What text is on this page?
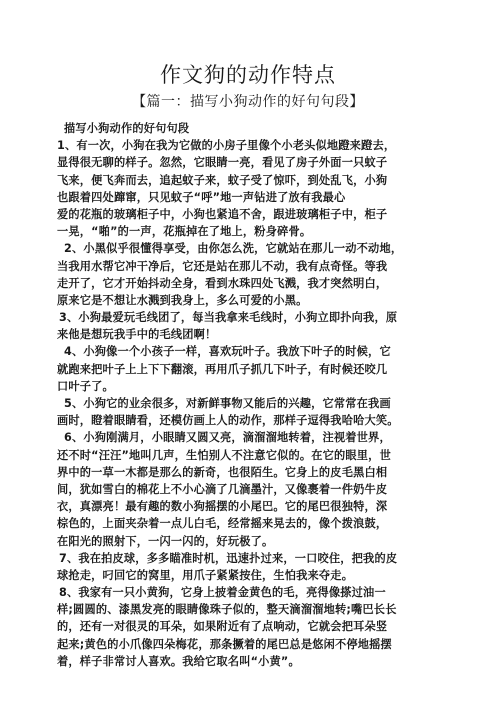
作文狗的动作特点
【篇一：描写小狗动作的好句句段】
描写小狗动作的好句句段
1、有一次，小狗在我为它做的小房子里像个小老头似地蹬来蹬去，
显得很无聊的样子。忽然，它眼睛一亮，看见了房子外面一只蚊子
飞来，便飞奔而去，追起蚊子来，蚊子受了惊吓，到处乱飞，小狗
也跟着四处蹿窜，只见蚊子“呼”地一声钻进了放有我最心
爱的花瓶的玻璃柜子中，小狗也紧追不舍，跟进玻璃柜子中，柜子
一晃，“啪”的一声，花瓶掉在了地上，粉身碎骨。
2、小黑似乎很懂得享受，由你怎么洗，它就站在那儿一动不动地，
当我用水帮它冲干净后，它还是站在那儿不动，我有点奇怪。等我
走开了，它才开始抖动全身，看到水珠四处飞溅，我才突然明白，
原来它是不想让水溅到我身上，多么可爱的小黑。
3、小狗最爱玩毛线团了，每当我拿来毛线时，小狗立即扑向我，原
来他是想玩我手中的毛线团啊！
4、小狗像一个小孩子一样，喜欢玩叶子。我放下叶子的时候，它
就跑来把叶子上上下下翻滚，再用爪子抓几下叶子，有时候还咬几
口叶子了。
5、小狗它的业余很多，对新鲜事物又能后的兴趣，它常常在我画
画时，瞪着眼睛看，还模仿画上人的动作，那样子逗得我哈哈大笑。
6、小狗刚满月，小眼睛又圆又亮，滴溜溜地转着，注视着世界，
还不时“汪汪”地叫几声，生怕别人不注意它似的。在它的眼里，世
界中的一草一木都是那么的新奇，也很陌生。它身上的皮毛黑白相
间，犹如雪白的棉花上不小心滴了几滴墨汁，又像裹着一件奶牛皮
衣，真漂亮！最有趣的数小狗摇摆的小尾巴。它的尾巴很独特，深
棕色的，上面夹杂着一点儿白毛，经常摇来晃去的，像个拨浪鼓，
在阳光的照射下，一闪一闪的，好玩极了。
7、我在拍皮球，多多瞄准时机，迅速扑过来，一口咬住，把我的皮
球抢走，叼回它的窝里，用爪子紧紧按住，生怕我来夺走。
8、我家有一只小黄狗，它身上披着金黄色的毛，亮得像搽过油一
样;圆圆的、漆黑发亮的眼睛像珠子似的，整天滴溜溜地转;嘴巴长长
的，还有一对很灵的耳朵，如果附近有了点响动，它就会把耳朵竖
起来;黄色的小爪像四朵梅花，那条撅着的尾巴总是悠闲不停地摇摆
着，样子非常讨人喜欢。我给它取名叫“小黄”。
